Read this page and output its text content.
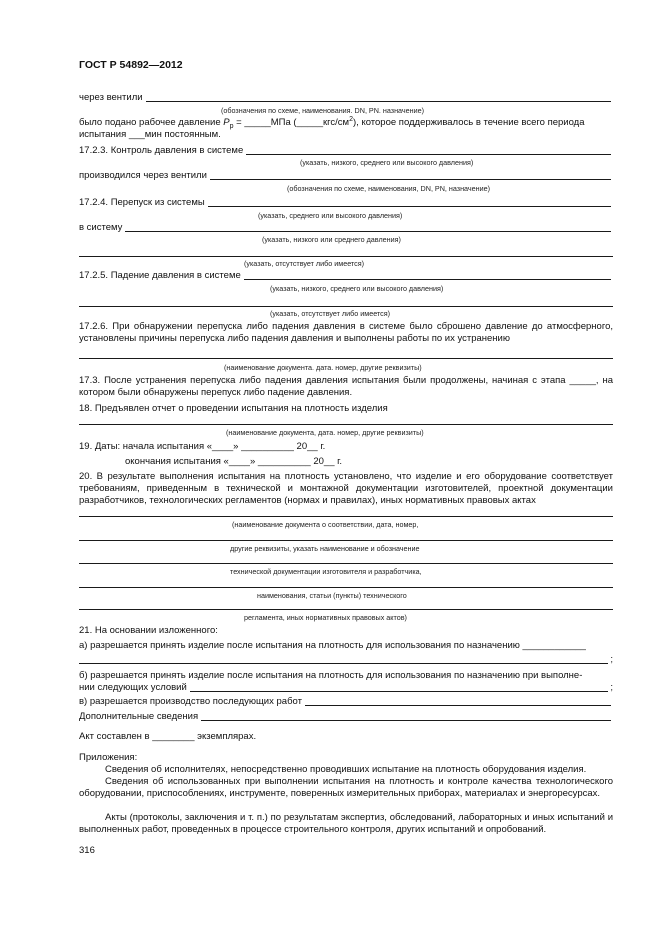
ГОСТ Р 54892—2012
через вентили
(обозначения по схеме, наименования. DN, PN. назначение)
было подано рабочее давление $P_р$ = _____МПа $(\_\_\_\_\_кгс/см^2)$, которое поддерживалось в течение всего периода испытания ___мин постоянным.
17.2.3. Контроль давления в системе
(указать, низкого, среднего или высокого давления)
производился через вентили
(обозначения по схеме, наименования, DN, PN, назначение)
17.2.4. Перепуск из системы
(указать, среднего или высокого давления)
в систему
(указать, низкого или среднего давления)
(указать, отсутствует либо имеется)
17.2.5. Падение давления в системе
(указать, низкого, среднего или высокого давления)
(указать, отсутствует либо имеется)
17.2.6. При обнаружении перепуска либо падения давления в системе было сброшено давление до атмосферного, установлены причины перепуска либо падения давления и выполнены работы по их устранению
(наименование документа. дата. номер, другие реквизиты)
17.3. После устранения перепуска либо падения давления испытания были продолжены, начиная с этапа _____, на котором были обнаружены перепуск либо падение давления.
18. Предъявлен отчет о проведении испытания на плотность изделия
(наименование документа, дата. номер, другие реквизиты)
19. Даты: начала испытания «____» __________ 20__ г.
окончания испытания «____» __________ 20__ г.
20. В результате выполнения испытания на плотность установлено, что изделие и его оборудование соответствует требованиям, приведенным в технической и монтажной документации изготовителей, проектной документации разработчиков, технологических регламентов (нормах и правилах), иных нормативных правовых актах
(наименование документа о соответствии, дата, номер,
другие реквизиты, указать наименование и обозначение
технической документации изготовителя и разработчика,
наименования, статьи (пункты) технического
регламента, иных нормативных правовых актов)
21. На основании изложенного:
а) разрешается принять изделие после испытания на плотность для использования по назначению ____________
;
б) разрешается принять изделие после испытания на плотность для использования по назначению при выполне-
нии следующих условий	;
в) разрешается производство последующих работ
Дополнительные сведения
Акт составлен в ________ экземплярах.
Приложения:
Сведения об исполнителях, непосредственно проводивших испытание на плотность оборудования изделия.
Сведения об использованных при выполнении испытания на плотность и контроле качества технологического оборудовании, приспособлениях, инструменте, поверенных измерительных приборах, материалах и энергоресурсах.
Акты (протоколы, заключения и т. п.) по результатам экспертиз, обследований, лабораторных и иных испытаний и выполненных работ, проведенных в процессе строительного контроля, других испытаний и опробований.
316
